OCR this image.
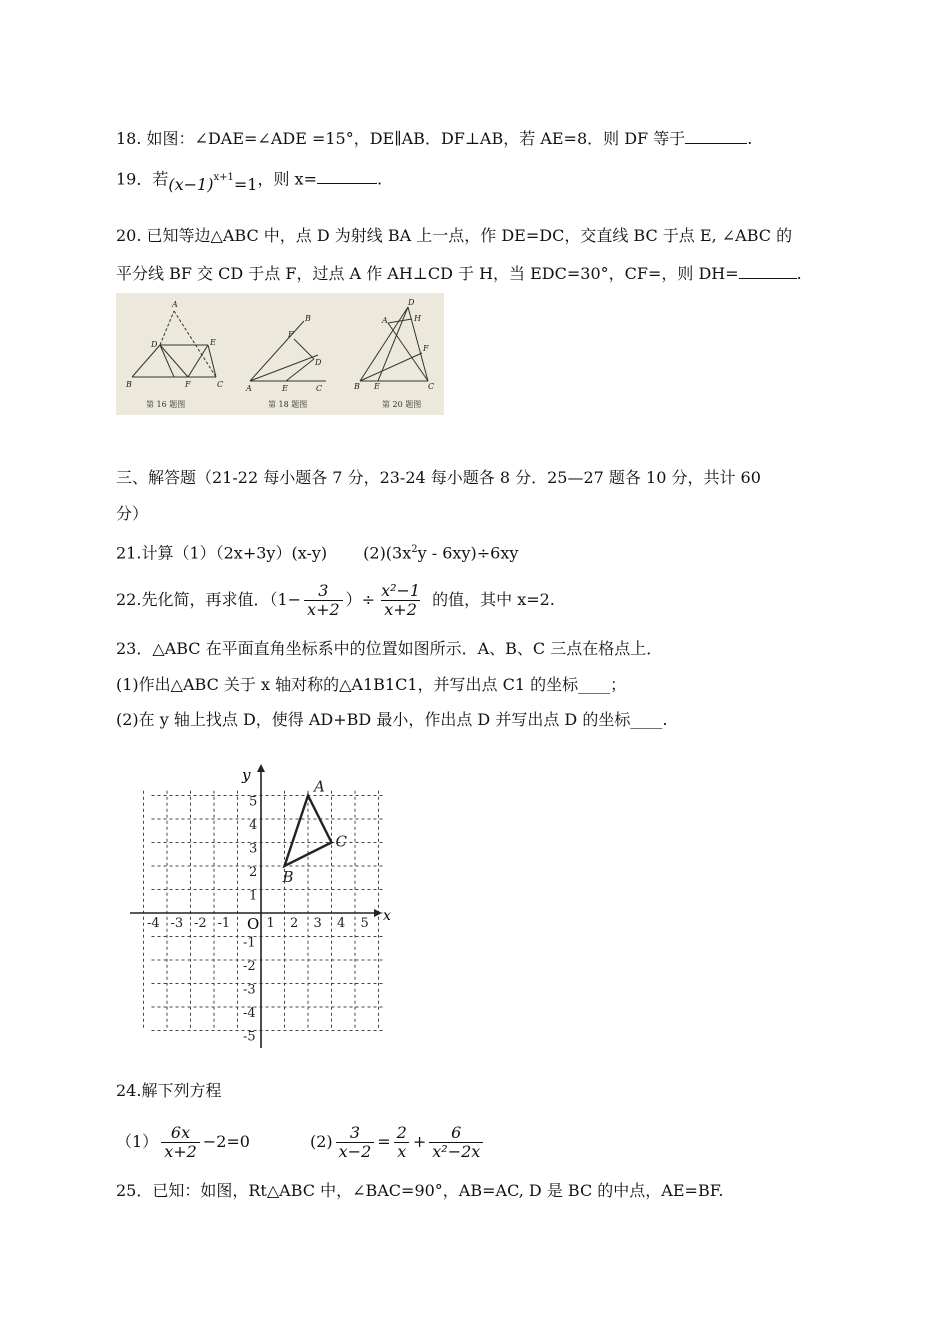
18. 如图：∠DAE=∠ADE =15°，DE∥AB．DF⊥AB，若 AE=8．则 DF 等于	.
19．若$(x-1)^{x+1}=1$，则 x=	.
20. 已知等边△ABC 中，点 D 为射线 BA 上一点，作 DE=DC，交直线 BC 于点 E, ∠ABC 的
平分线 BF 交 CD 于点 F，过点 A 作 AH⊥CD 于 H，当 EDC=30°，CF=，则 DH=	.
A
D	E
B	F	C
第 16 题图
B
F
D
A	E	C
第 18 题图
D
A	H
F
B E	C
第 20 题图
三、解答题（21-22 每小题各 7 分，23-24 每小题各 8 分．25—27 题各 10 分，共计 60
分）
21.计算（1）（2x+3y）(x-y) $(2)(3x^2y - 6xy)\div 6xy$
22.先化简，再求值．（$1- \frac{3}{x+2}$ ）÷ $\frac{\text{x²−1}}{x+2}$ 的值，其中 x=2.
23．△ABC 在平面直角坐标系中的位置如图所示．A、B、C 三点在格点上．
(1)作出△ABC 关于 x 轴对称的△A1B1C1，并写出点 C1 的坐标____；
(2)在 y 轴上找点 D，使得 AD+BD 最小，作出点 D 并写出点 D 的坐标____.
x
y
O
-4 -3 -2 -1	1 2 3 4 5
5
4
3
2
1
-1
-2
-3
-4
-5
A
B
C
24.解下列方程
$(1) \frac{6x}{x+2} -2=0$	$(2) \frac{3}{x-2} = \frac{2}{x} + \frac{6}{\text{x²−2x}}$
25．已知：如图，Rt△ABC 中，∠BAC=90°，AB=AC, D 是 BC 的中点，AE=BF.
